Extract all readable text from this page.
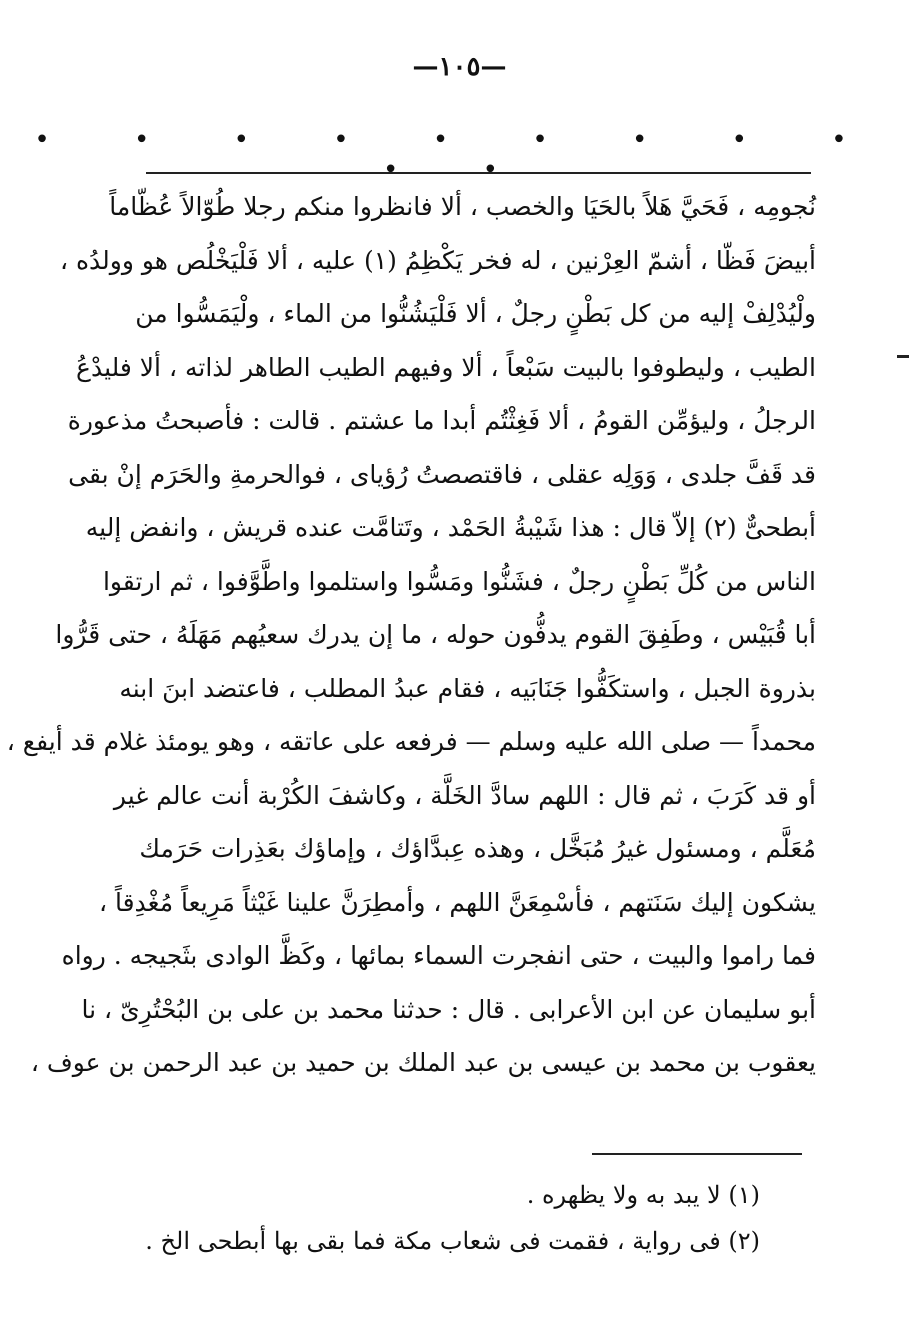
—١٠٥—
• • • • • • • • • • •
نُجومِه ، فَحَيَّ هَلاً بالحَيَا والخصب ، ألا فانظروا منكم رجلا طُوّالاً عُظّاماً
أبيضَ فَظّا ، أشمّ العِرْنين ، له فخر يَكْظِمُ (١) عليه ، ألا فَلْيَخْلُص هو وولدُه ،
ولْيُدْلِفْ إليه من كل بَطْنٍ رجلٌ ، ألا فَلْيَشُنُّوا من الماء ، ولْيَمَسُّوا من
الطيب ، وليطوفوا بالبيت سَبْعاً ، ألا وفيهم الطيب الطاهر لذاته ، ألا فليدْعُ
الرجلُ ، وليؤمِّن القومُ ، ألا فَغِثْتُم أبدا ما عشتم . قالت : فأصبحتُ مذعورة
قد قَفَّ جلدى ، وَوَلِه عقلى ، فاقتصصتُ رُؤياى ، فوالحرمةِ والحَرَم إنْ بقى
أبطحىٌّ (٢) إلاّ قال : هذا شَيْبةُ الحَمْد ، وتَتامَّت عنده قريش ، وانفض إليه
الناس من كُلِّ بَطْنٍ رجلٌ ، فشَنُّوا ومَسُّوا واستلموا واطَّوَّفوا ، ثم ارتقوا
أبا قُبَيْس ، وطَفِقَ القوم يدفُّون حوله ، ما إن يدرك سعيُهم مَهَلَهُ ، حتى قَرُّوا
بذروة الجبل ، واستكَفُّوا جَنَابَيه ، فقام عبدُ المطلب ، فاعتضد ابنَ ابنه
محمداً — صلى الله عليه وسلم — فرفعه على عاتقه ، وهو يومئذ غلام قد أيفع ،
أو قد كَرَبَ ، ثم قال : اللهم سادَّ الخَلَّة ، وكاشفَ الكُرْبة أنت عالم غير
مُعَلَّم ، ومسئول غيرُ مُبَخَّل ، وهذه عِبدَّاؤك ، وإماؤك بعَذِرات حَرَمك
يشكون إليك سَنَتهم ، فأسْمِعَنَّ اللهم ، وأمطِرَنَّ علينا غَيْثاً مَرِيعاً مُغْدِقاً ،
فما راموا والبيت ، حتى انفجرت السماء بمائها ، وكَظَّ الوادى بثَجيجه . رواه
أبو سليمان عن ابن الأعرابى . قال : حدثنا محمد بن على بن البُحْتُرِىّ ، نا
يعقوب بن محمد بن عيسى بن عبد الملك بن حميد بن عبد الرحمن بن عوف ،
(١) لا يبد به ولا يظهره .
(٢) فى رواية ، فقمت فى شعاب مكة فما بقى بها أبطحى الخ .
